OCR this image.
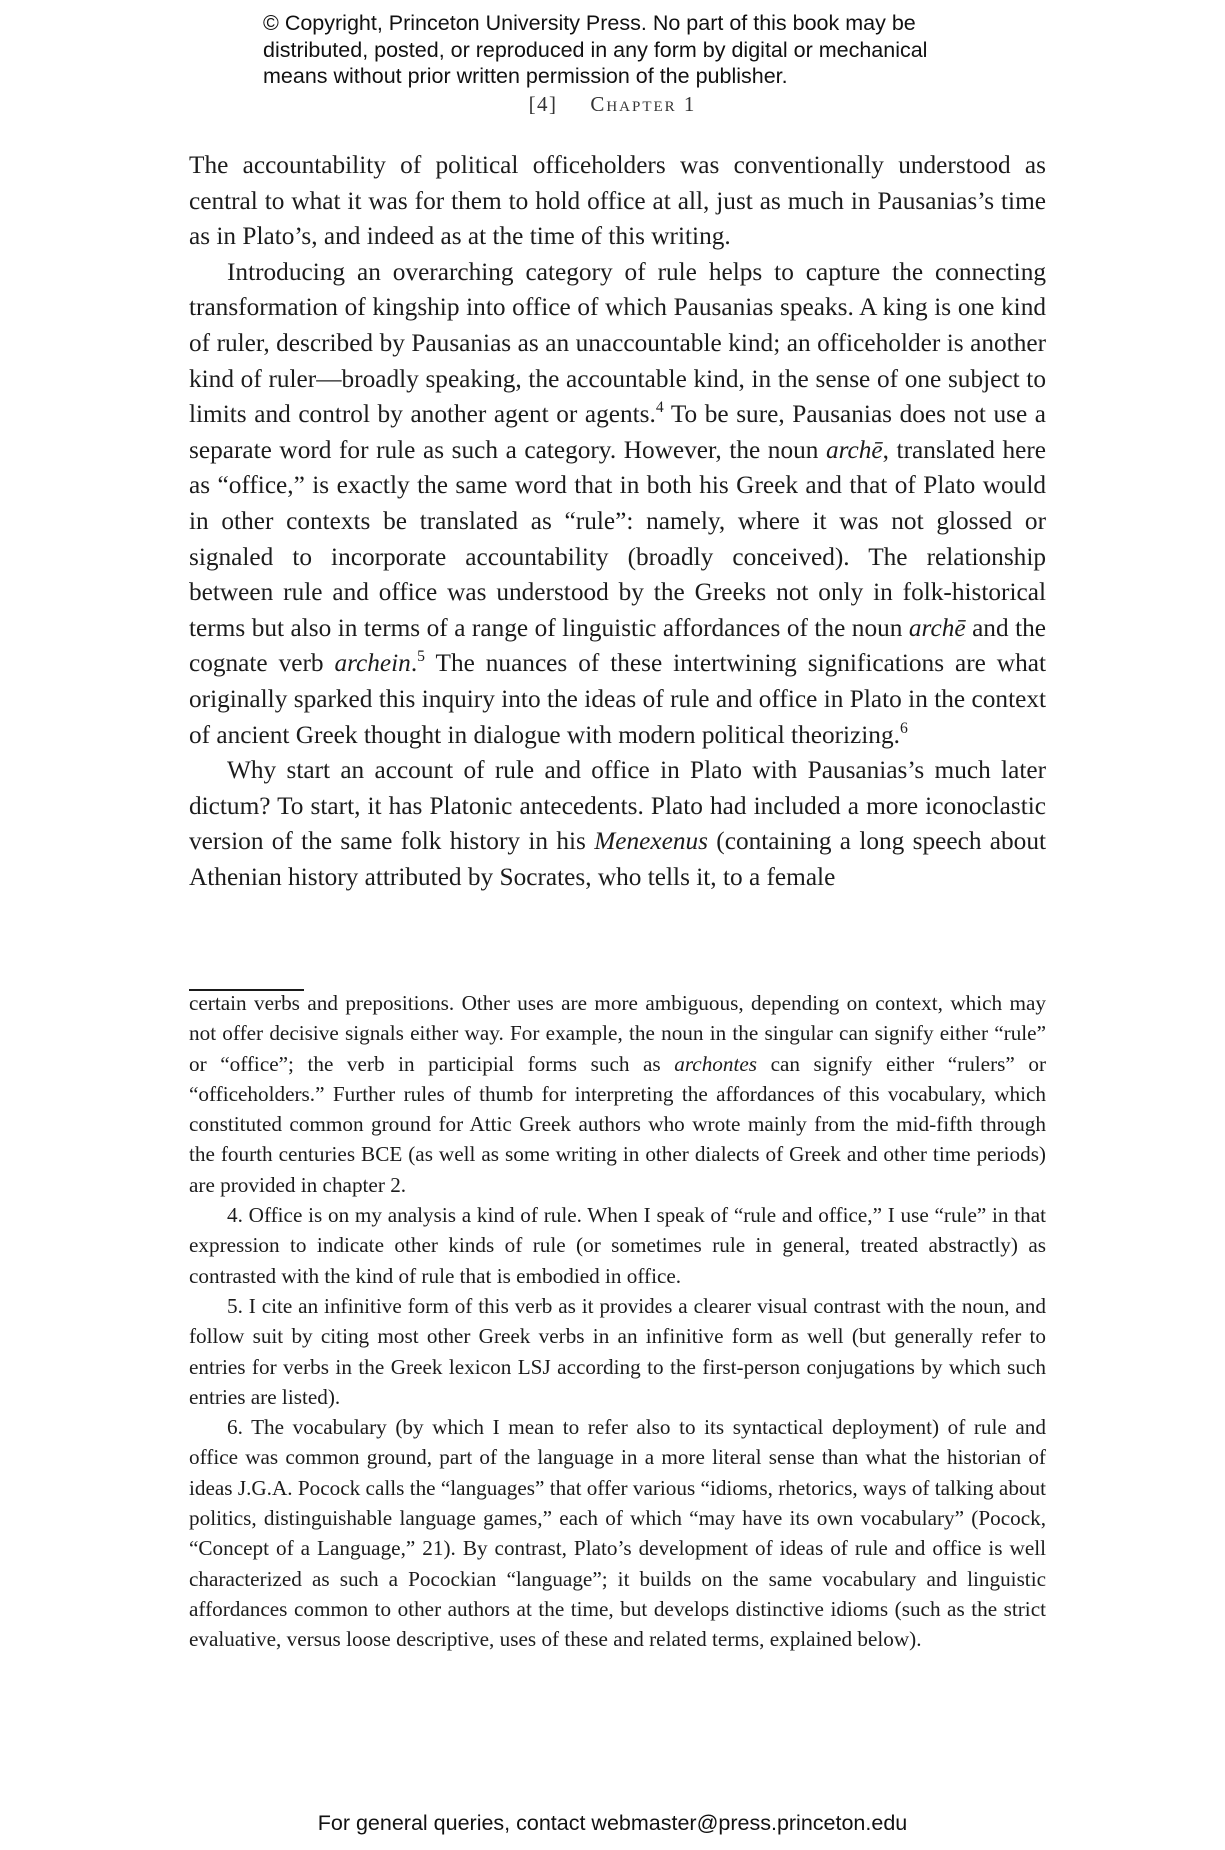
© Copyright, Princeton University Press. No part of this book may be
distributed, posted, or reproduced in any form by digital or mechanical
means without prior written permission of the publisher.
[4] Chapter 1

The accountability of political officeholders was conventionally understood as central to what it was for them to hold office at all, just as much in Pausanias’s time as in Plato’s, and indeed as at the time of this writing.

Introducing an overarching category of rule helps to capture the connecting transformation of kingship into office of which Pausanias speaks. A king is one kind of ruler, described by Pausanias as an unaccountable kind; an officeholder is another kind of ruler—broadly speaking, the accountable kind, in the sense of one subject to limits and control by another agent or agents.$^4$ To be sure, Pausanias does not use a separate word for rule as such a category. However, the noun archē, translated here as “office,” is exactly the same word that in both his Greek and that of Plato would in other contexts be translated as “rule”: namely, where it was not glossed or signaled to incorporate accountability (broadly conceived). The relationship between rule and office was understood by the Greeks not only in folk-historical terms but also in terms of a range of linguistic affordances of the noun archē and the cognate verb archein.$^5$ The nuances of these intertwining significations are what originally sparked this inquiry into the ideas of rule and office in Plato in the context of ancient Greek thought in dialogue with modern political theorizing.$^6$

Why start an account of rule and office in Plato with Pausanias’s much later dictum? To start, it has Platonic antecedents. Plato had included a more iconoclastic version of the same folk history in his Menexenus (containing a long speech about Athenian history attributed by Socrates, who tells it, to a female

certain verbs and prepositions. Other uses are more ambiguous, depending on context, which may not offer decisive signals either way. For example, the noun in the singular can signify either “rule” or “office”; the verb in participial forms such as archontes can signify either “rulers” or “officeholders.” Further rules of thumb for interpreting the affordances of this vocabulary, which constituted common ground for Attic Greek authors who wrote mainly from the mid-fifth through the fourth centuries BCE (as well as some writing in other dialects of Greek and other time periods) are provided in chapter 2.

4. Office is on my analysis a kind of rule. When I speak of “rule and office,” I use “rule” in that expression to indicate other kinds of rule (or sometimes rule in general, treated abstractly) as contrasted with the kind of rule that is embodied in office.

5. I cite an infinitive form of this verb as it provides a clearer visual contrast with the noun, and follow suit by citing most other Greek verbs in an infinitive form as well (but generally refer to entries for verbs in the Greek lexicon LSJ according to the first-person conjugations by which such entries are listed).

6. The vocabulary (by which I mean to refer also to its syntactical deployment) of rule and office was common ground, part of the language in a more literal sense than what the historian of ideas J.G.A. Pocock calls the “languages” that offer various “idioms, rhetorics, ways of talking about politics, distinguishable language games,” each of which “may have its own vocabulary” (Pocock, “Concept of a Language,” 21). By contrast, Plato’s development of ideas of rule and office is well characterized as such a Pocockian “language”; it builds on the same vocabulary and linguistic affordances common to other authors at the time, but develops distinctive idioms (such as the strict evaluative, versus loose descriptive, uses of these and related terms, explained below).

For general queries, contact webmaster@press.princeton.edu
